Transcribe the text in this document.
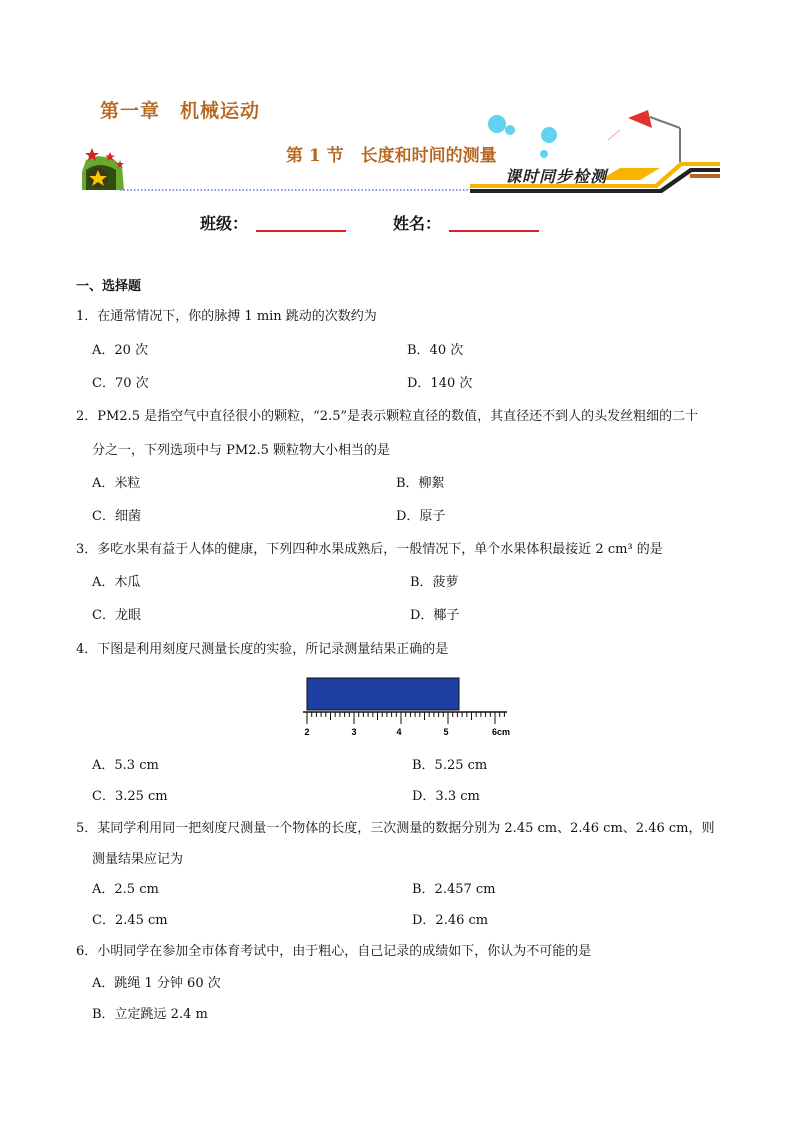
第一章　机械运动
第 1 节　长度和时间的测量
课时同步检测
班级：	姓名：
一、选择题
1．在通常情况下，你的脉搏 1 min 跳动的次数约为
A．20 次	B．40 次
C．70 次	D．140 次
2．PM2.5 是指空气中直径很小的颗粒，“2.5”是表示颗粒直径的数值，其直径还不到人的头发丝粗细的二十
分之一，下列选项中与 PM2.5 颗粒物大小相当的是
A．米粒	B．柳絮
C．细菌	D．原子
3．多吃水果有益于人体的健康，下列四种水果成熟后，一般情况下，单个水果体积最接近 2 cm³ 的是
A．木瓜	B．菠萝
C．龙眼	D．椰子
4．下图是利用刻度尺测量长度的实验，所记录测量结果正确的是
2	3	4	5	6cm
A．5.3 cm	B．5.25 cm
C．3.25 cm	D．3.3 cm
5．某同学利用同一把刻度尺测量一个物体的长度，三次测量的数据分别为 2.45 cm、2.46 cm、2.46 cm，则
测量结果应记为
A．2.5 cm	B．2.457 cm
C．2.45 cm	D．2.46 cm
6．小明同学在参加全市体育考试中，由于粗心，自己记录的成绩如下，你认为不可能的是
A．跳绳 1 分钟 60 次
B．立定跳远 2.4 m
